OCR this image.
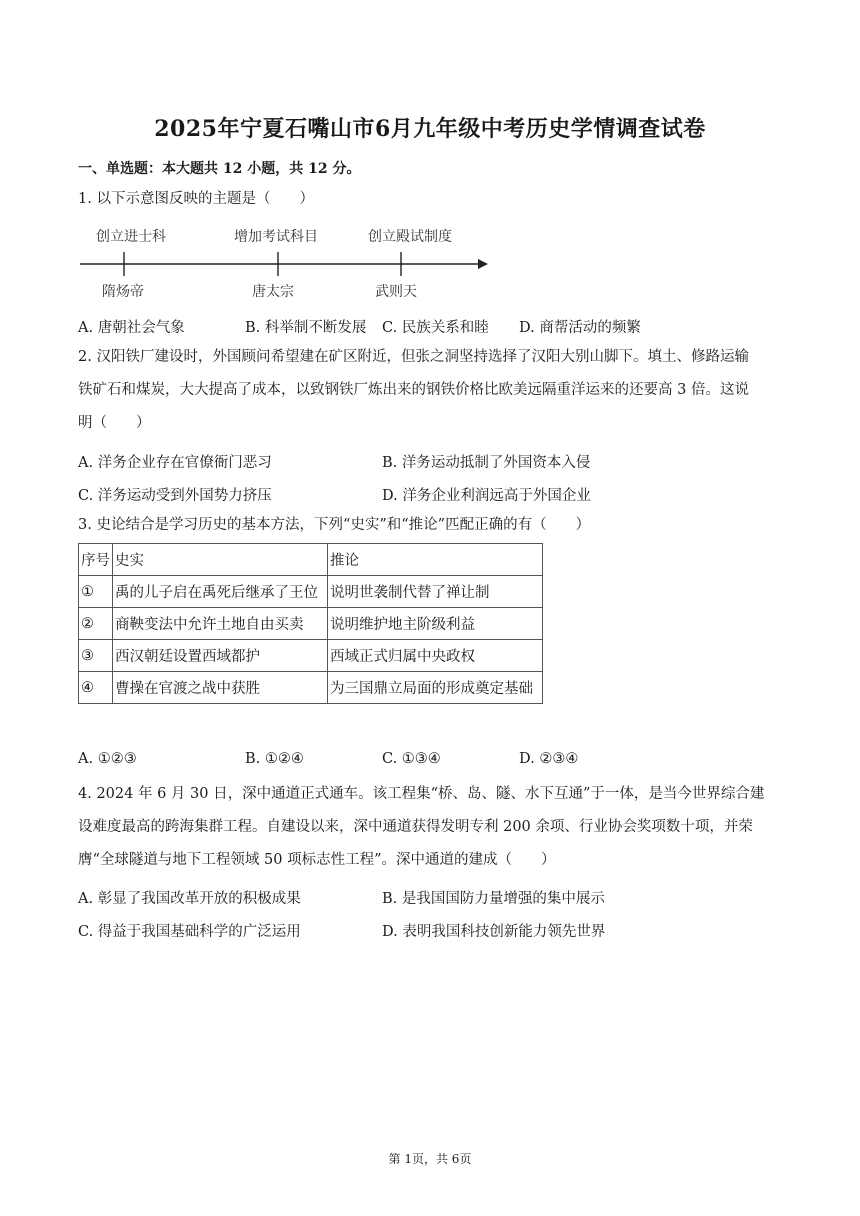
2025年宁夏石嘴山市6月九年级中考历史学情调查试卷
一、单选题：本大题共 12 小题，共 12 分。
1. 以下示意图反映的主题是（　　）
创立进士科	增加考试科目	创立殿试制度
隋炀帝	唐太宗	武则天
A. 唐朝社会气象	B. 科举制不断发展 C. 民族关系和睦 D. 商帮活动的频繁
2. 汉阳铁厂建设时，外国顾问希望建在矿区附近，但张之洞坚持选择了汉阳大别山脚下。填土、修路运输
铁矿石和煤炭，大大提高了成本，以致钢铁厂炼出来的钢铁价格比欧美远隔重洋运来的还要高 3 倍。这说
明（　　）
A. 洋务企业存在官僚衙门恶习	B. 洋务运动抵制了外国资本入侵
C. 洋务运动受到外国势力挤压	D. 洋务企业利润远高于外国企业
3. 史论结合是学习历史的基本方法，下列“史实”和“推论”匹配正确的有（　　）
序号	史实	推论
①	禹的儿子启在禹死后继承了王位	说明世袭制代替了禅让制
②	商鞅变法中允许土地自由买卖	说明维护地主阶级利益
③	西汉朝廷设置西域都护	西域正式归属中央政权
④	曹操在官渡之战中获胜	为三国鼎立局面的形成奠定基础
A. ①②③	B. ①②④	C. ①③④	D. ②③④
4. 2024 年 6 月 30 日，深中通道正式通车。该工程集“桥、岛、隧、水下互通”于一体，是当今世界综合建
设难度最高的跨海集群工程。自建设以来，深中通道获得发明专利 200 余项、行业协会奖项数十项，并荣
膺“全球隧道与地下工程领域 50 项标志性工程”。深中通道的建成（　　）
A. 彰显了我国改革开放的积极成果	B. 是我国国防力量增强的集中展示
C. 得益于我国基础科学的广泛运用	D. 表明我国科技创新能力领先世界
第 1页，共 6页
